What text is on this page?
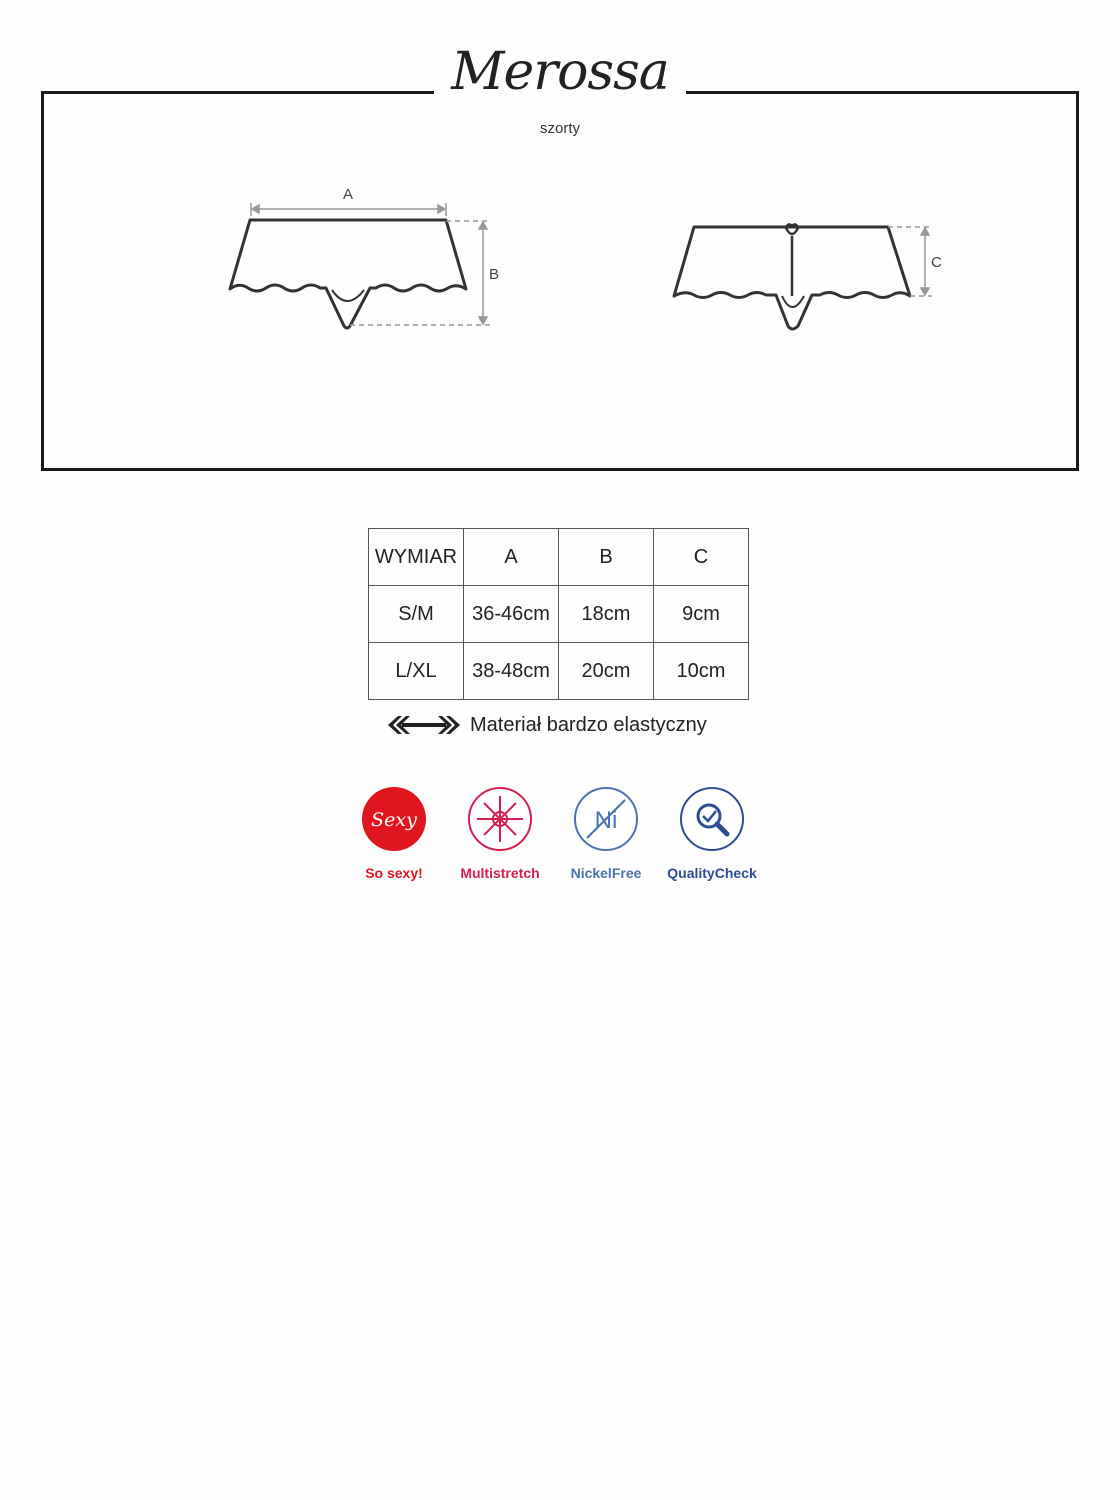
Merossa
szorty
A
B
C
WYMIAR	A	B	C
S/M	36-46cm	18cm	9cm
L/XL	38-48cm	20cm	10cm
Materiał bardzo elastyczny
Sexy
So sexy!	Multistretch
Ni
NickelFree	QualityCheck
